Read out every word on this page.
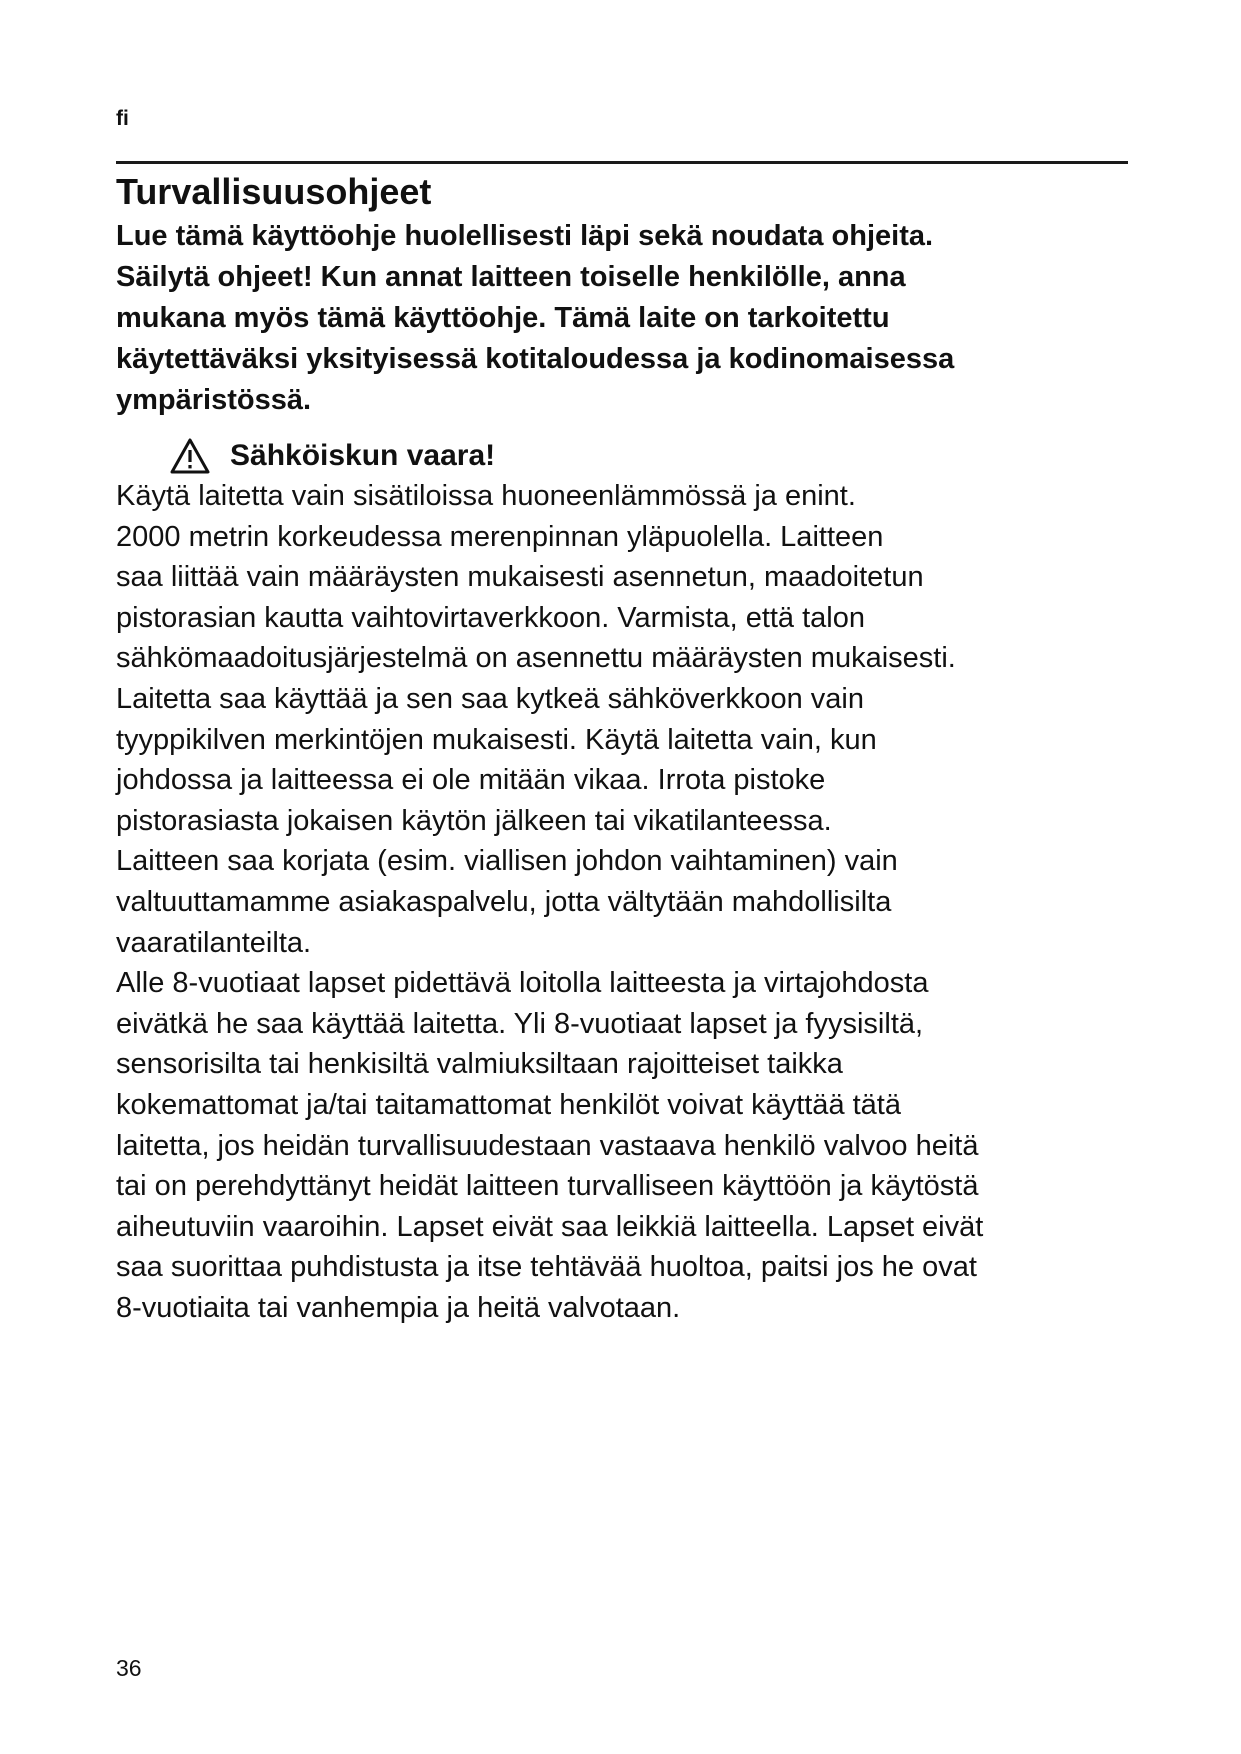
fi
Turvallisuusohjeet

Lue tämä käyttöohje huolellisesti läpi sekä noudata ohjeita.
Säilytä ohjeet! Kun annat laitteen toiselle henkilölle, anna
mukana myös tämä käyttöohje. Tämä laite on tarkoitettu
käytettäväksi yksityisessä kotitaloudessa ja kodinomaisessa
ympäristössä.

Sähköiskun vaara!

Käytä laitetta vain sisätiloissa huoneenlämmössä ja enint.
2000 metrin korkeudessa merenpinnan yläpuolella. Laitteen
saa liittää vain määräysten mukaisesti asennetun, maadoitetun
pistorasian kautta vaihtovirtaverkkoon. Varmista, että talon
sähkömaadoitusjärjestelmä on asennettu määräysten mukaisesti.
Laitetta saa käyttää ja sen saa kytkeä sähköverkkoon vain
tyyppikilven merkintöjen mukaisesti. Käytä laitetta vain, kun
johdossa ja laitteessa ei ole mitään vikaa. Irrota pistoke
pistorasiasta jokaisen käytön jälkeen tai vikatilanteessa.
Laitteen saa korjata (esim. viallisen johdon vaihtaminen) vain
valtuuttamamme asiakaspalvelu, jotta vältytään mahdollisilta
vaaratilanteilta.
Alle 8-vuotiaat lapset pidettävä loitolla laitteesta ja virtajohdosta
eivätkä he saa käyttää laitetta. Yli 8-vuotiaat lapset ja fyysisiltä,
sensorisilta tai henkisiltä valmiuksiltaan rajoitteiset taikka
kokemattomat ja/tai taitamattomat henkilöt voivat käyttää tätä
laitetta, jos heidän turvallisuudestaan vastaava henkilö valvoo heitä
tai on perehdyttänyt heidät laitteen turvalliseen käyttöön ja käytöstä
aiheutuviin vaaroihin. Lapset eivät saa leikkiä laitteella. Lapset eivät
saa suorittaa puhdistusta ja itse tehtävää huoltoa, paitsi jos he ovat
8-vuotiaita tai vanhempia ja heitä valvotaan.

36
